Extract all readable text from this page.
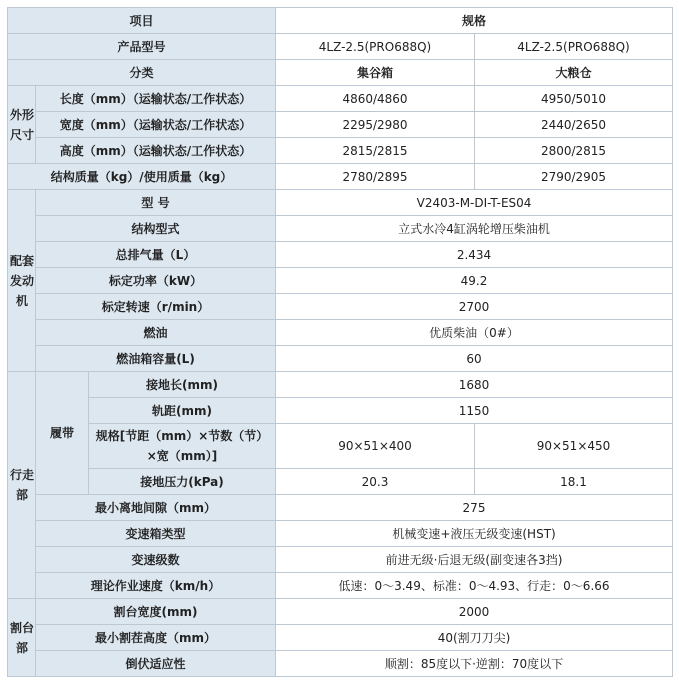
项目			规格	
产品型号			4LZ-2.5(PRO688Q)	4LZ-2.5(PRO688Q)
分类			集谷箱	大粮仓
外形尺寸	长度（mm）（运输状态/工作状态）		4860/4860	4950/5010
	宽度（mm）（运输状态/工作状态）		2295/2980	2440/2650
	高度（mm）（运输状态/工作状态）		2815/2815	2800/2815
结构质量（kg）/使用质量（kg）			2780/2895	2790/2905
配套发动机	型 号		V2403-M-DI-T-ES04	
	结构型式		立式水冷4缸涡轮增压柴油机	
	总排气量（L）		2.434	
	标定功率（kW）		49.2	
	标定转速（r/min）		2700	
	燃油		优质柴油（0#）	
	燃油箱容量(L)		60	
行走部	履带	接地长(mm)	1680	
		轨距(mm)	1150	
		规格[节距（mm）×节数（节）×宽（mm）]	90×51×400	90×51×450
		接地压力(kPa)	20.3	18.1
	最小离地间隙（mm）		275	
	变速箱类型		机械变速+液压无级变速(HST)	
	变速级数		前进无级·后退无级(副变速各3挡)	
	理论作业速度（km/h）		低速：0～3.49、标准：0～4.93、行走：0～6.66	
割台部	割台宽度(mm)		2000	
	最小割茬高度（mm）		40(割刀刀尖)	
	倒伏适应性		顺割：85度以下·逆割：70度以下	
